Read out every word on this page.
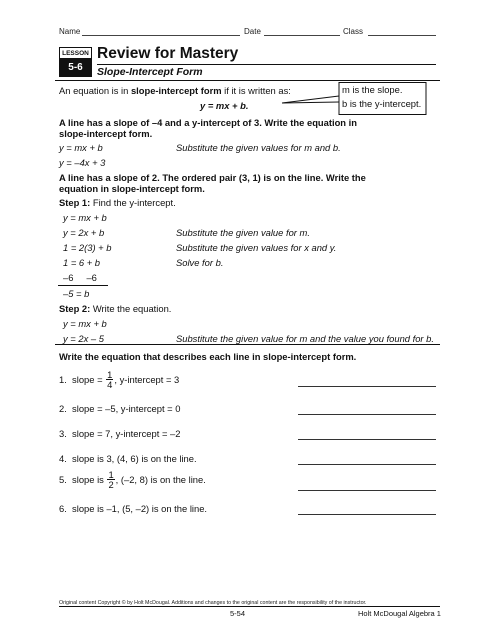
Name	Date	Class
LESSON
5-6
Review for Mastery
Slope-Intercept Form
An equation is in slope-intercept form if it is written as:
y = mx + b.
m is the slope.
b is the y-intercept.
A line has a slope of –4 and a y-intercept of 3. Write the equation in
slope-intercept form.
y = mx + b	Substitute the given values for m and b.
y = –4x + 3
A line has a slope of 2. The ordered pair (3, 1) is on the line. Write the
equation in slope-intercept form.
Step 1: Find the y-intercept.
y = mx + b
y = 2x + b	Substitute the given value for m.
1 = 2(3) + b	Substitute the given values for x and y.
1 = 6 + b	Solve for b.
–6     –6
–5 = b
Step 2: Write the equation.
y = mx + b
y = 2x – 5	Substitute the given value for m and the value you found for b.
Write the equation that describes each line in slope-intercept form.
1. slope = $\frac{1}{4}$ , y-intercept = 3
2. slope = –5, y-intercept = 0
3. slope = 7, y-intercept = –2
4. slope is 3, (4, 6) is on the line.
5. slope is $\frac{1}{2}$ , (–2, 8) is on the line.
6. slope is –1, (5, –2) is on the line.
Original content Copyright © by Holt McDougal. Additions and changes to the original content are the responsibility of the instructor.
5-54	Holt McDougal Algebra 1
